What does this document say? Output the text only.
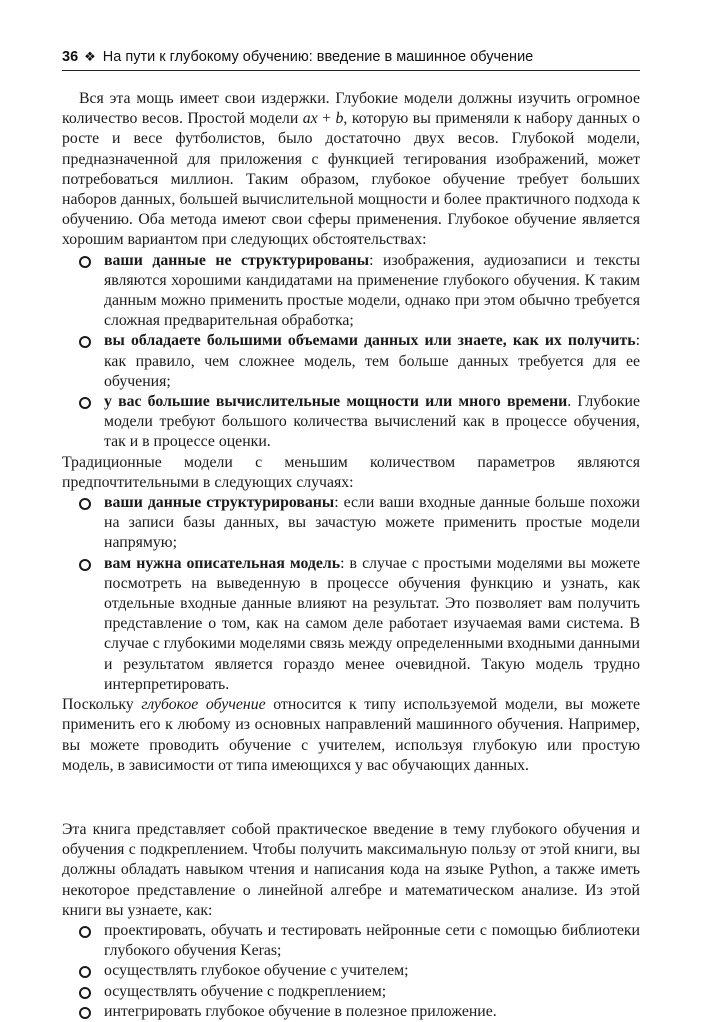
36 ❖ На пути к глубокому обучению: введение в машинное обучение

Вся эта мощь имеет свои издержки. Глубокие модели должны изучить огромное количество весов. Простой модели ax + b, которую вы применяли к набору данных о росте и весе футболистов, было достаточно двух весов. Глубокой модели, предназначенной для приложения с функцией тегирования изображений, может потребоваться миллион. Таким образом, глубокое обучение требует больших наборов данных, большей вычислительной мощности и более практичного подхода к обучению. Оба метода имеют свои сферы применения. Глубокое обучение является хорошим вариантом при следующих обстоятельствах:

ваши данные не структурированы: изображения, аудиозаписи и тексты являются хорошими кандидатами на применение глубокого обучения. К таким данным можно применить простые модели, однако при этом обычно требуется сложная предварительная обработка;
вы обладаете большими объемами данных или знаете, как их получить: как правило, чем сложнее модель, тем больше данных требуется для ее обучения;
у вас большие вычислительные мощности или много времени. Глубокие модели требуют большого количества вычислений как в процессе обучения, так и в процессе оценки.

Традиционные модели с меньшим количеством параметров являются предпочтительными в следующих случаях:

ваши данные структурированы: если ваши входные данные больше похожи на записи базы данных, вы зачастую можете применить простые модели напрямую;
вам нужна описательная модель: в случае с простыми моделями вы можете посмотреть на выведенную в процессе обучения функцию и узнать, как отдельные входные данные влияют на результат. Это позволяет вам получить представление о том, как на самом деле работает изучаемая вами система. В случае с глубокими моделями связь между определенными входными данными и результатом является гораздо менее очевидной. Такую модель трудно интерпретировать.

Поскольку глубокое обучение относится к типу используемой модели, вы можете применить его к любому из основных направлений машинного обучения. Например, вы можете проводить обучение с учителем, используя глубокую или простую модель, в зависимости от типа имеющихся у вас обучающих данных.

Эта книга представляет собой практическое введение в тему глубокого обучения и обучения с подкреплением. Чтобы получить максимальную пользу от этой книги, вы должны обладать навыком чтения и написания кода на языке Python, а также иметь некоторое представление о линейной алгебре и математическом анализе. Из этой книги вы узнаете, как:

проектировать, обучать и тестировать нейронные сети с помощью библиотеки глубокого обучения Keras;
осуществлять глубокое обучение с учителем;
осуществлять обучение с подкреплением;
интегрировать глубокое обучение в полезное приложение.
